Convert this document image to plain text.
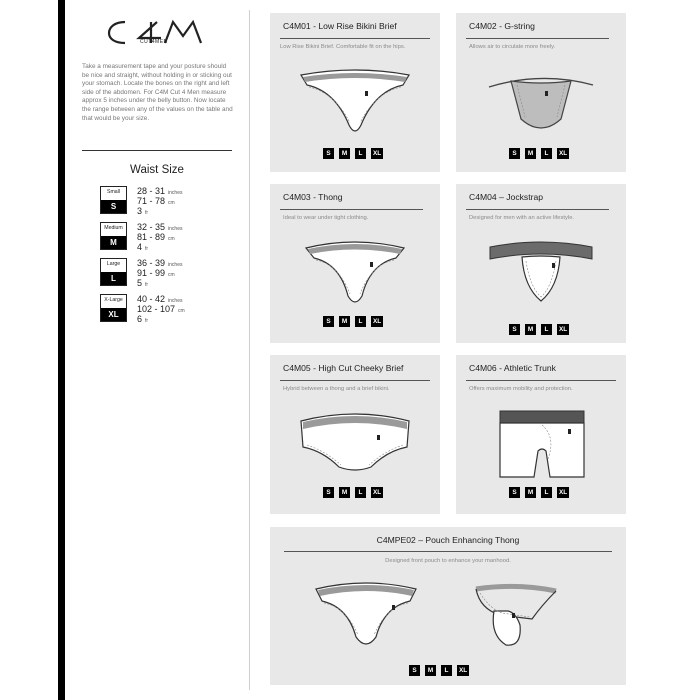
CUT4MEN
Take a measurement tape and your posture should be nice and straight, without holding in or sticking out your stomach. Locate the bones on the right and left side of the abdomen. For C4M Cut 4 Men measure approx 5 inches under the belly button. Now locate the range between any of the values on the table and that would be your size.
Waist Size
Small
S
28 - 31 inches
71 - 78 cm
3 fr
Medium
M
32 - 35 inches
81 - 89 cm
4 fr
Large
L
36 - 39 inches
91 - 99 cm
5 fr
X-Large
XL
40 - 42 inches
102 - 107 cm
6 fr
C4M01 - Low Rise Bikini Brief
Low Rise Bikini Brief. Comfortable fit on the hips.
S	M	L	XL
C4M02 - G-string
Allows air to circulate more freely.
S	M	L	XL
C4M03 - Thong
Ideal to wear under tight clothing.
S	M	L	XL
C4M04 – Jockstrap
Designed for men with an active lifestyle.
S	M	L	XL
C4M05 - High Cut Cheeky Brief
Hybrid between a thong and a brief bikini.
S	M	L	XL
C4M06 - Athletic Trunk
Offers maximum mobility and protection.
S	M	L	XL
C4MPE02 – Pouch Enhancing Thong
Designed front pouch to enhance your manhood.
S	M	L	XL
